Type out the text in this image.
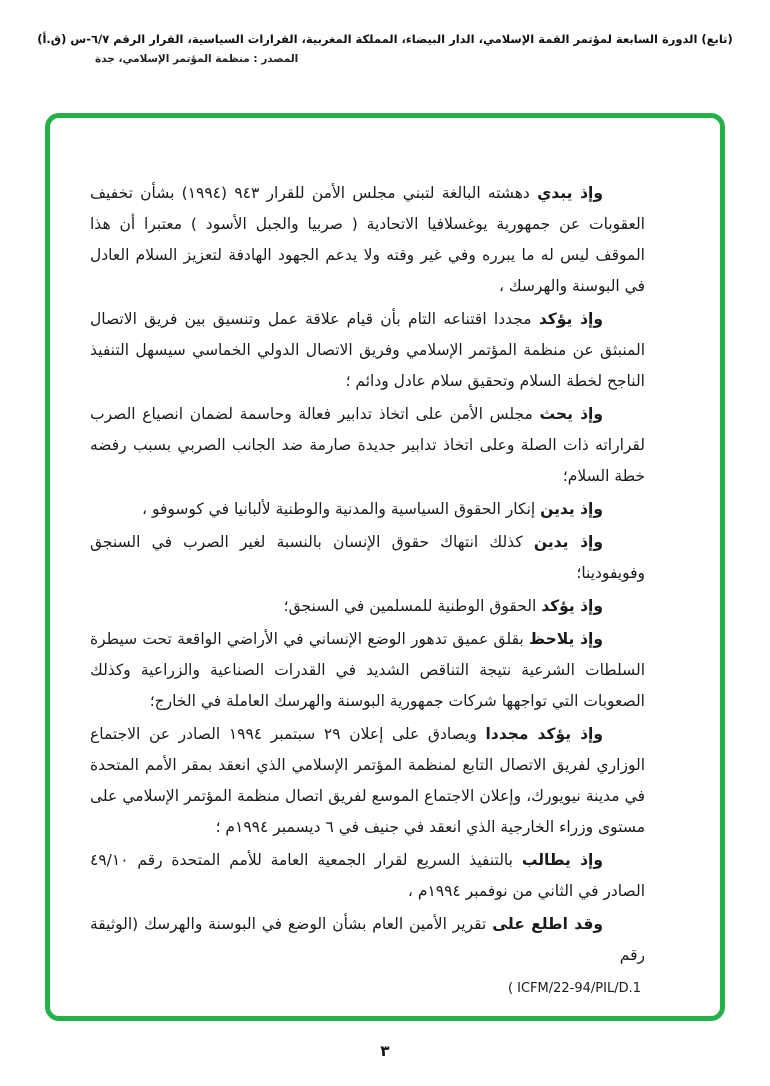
(تابع) الدورة السابعة لمؤتمر القمة الإسلامي، الدار البيضاء، المملكة المغربية، القرارات السياسية، القرار الرقم ٦/٧-س (ق.أ)
المصدر : منظمة المؤتمر الإسلامي، جدة

وإذ يبدي دهشته البالغة لتبني مجلس الأمن للقرار ٩٤٣ (١٩٩٤) بشأن تخفيف العقوبات عن جمهورية يوغسلافيا الاتحادية ( صربيا والجبل الأسود ) معتبرا أن هذا الموقف ليس له ما يبرره وفي غير وقته ولا يدعم الجهود الهادفة لتعزيز السلام العادل في البوسنة والهرسك ،

وإذ يؤكد مجددا اقتناعه التام بأن قيام علاقة عمل وتنسيق بين فريق الاتصال المنبثق عن منظمة المؤتمر الإسلامي وفريق الاتصال الدولي الخماسي سيسهل التنفيذ الناجح لخطة السلام وتحقيق سلام عادل ودائم ؛

وإذ يحث مجلس الأمن على اتخاذ تدابير فعالة وحاسمة لضمان انصياع الصرب لقراراته ذات الصلة وعلى اتخاذ تدابير جديدة صارمة ضد الجانب الصربي بسبب رفضه خطة السلام؛

وإذ يدين إنكار الحقوق السياسية والمدنية والوطنية لألبانيا في كوسوفو ،

وإذ يدين كذلك انتهاك حقوق الإنسان بالنسبة لغير الصرب في السنجق وفويفودينا؛

وإذ يؤكد الحقوق الوطنية للمسلمين في السنجق؛

وإذ يلاحظ بقلق عميق تدهور الوضع الإنساني في الأراضي الواقعة تحت سيطرة السلطات الشرعية نتيجة التناقص الشديد في القدرات الصناعية والزراعية وكذلك الصعوبات التي تواجهها شركات جمهورية البوسنة والهرسك العاملة في الخارج؛

وإذ يؤكد مجددا ويصادق على إعلان ٢٩ سبتمبر ١٩٩٤ الصادر عن الاجتماع الوزاري لفريق الاتصال التابع لمنظمة المؤتمر الإسلامي الذي انعقد بمقر الأمم المتحدة في مدينة نيويورك، وإعلان الاجتماع الموسع لفريق اتصال منظمة المؤتمر الإسلامي على مستوى وزراء الخارجية الذي انعقد في جنيف في ٦ ديسمبر ١٩٩٤م ؛

وإذ يطالب بالتنفيذ السريع لقرار الجمعية العامة للأمم المتحدة رقم ٤٩/١٠ الصادر في الثاني من نوفمبر ١٩٩٤م ،

وقد اطلع على تقرير الأمين العام بشأن الوضع في البوسنة والهرسك (الوثيقة رقم

( ICFM/22-94/PIL/D.1

٣
